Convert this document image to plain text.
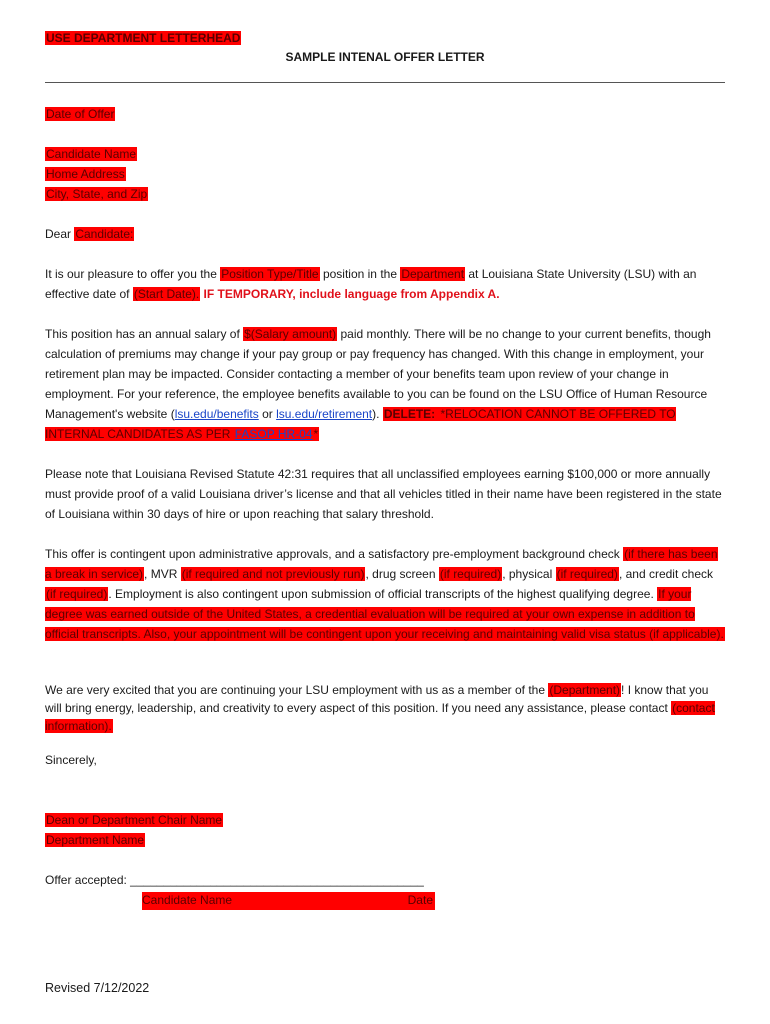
USE DEPARTMENT LETTERHEAD
SAMPLE INTENAL OFFER LETTER
Date of Offer
Candidate Name
Home Address
City, State, and Zip
Dear Candidate:
It is our pleasure to offer you the Position Type/Title position in the Department at Louisiana State University (LSU) with an effective date of (Start Date). IF TEMPORARY, include language from Appendix A.
This position has an annual salary of $(Salary amount) paid monthly. There will be no change to your current benefits, though calculation of premiums may change if your pay group or pay frequency has changed. With this change in employment, your retirement plan may be impacted. Consider contacting a member of your benefits team upon review of your change in employment. For your reference, the employee benefits available to you can be found on the LSU Office of Human Resource Management's website (lsu.edu/benefits or lsu.edu/retirement). DELETE: *RELOCATION CANNOT BE OFFERED TO INTERNAL CANDIDATES AS PER FASOP HR-04*
Please note that Louisiana Revised Statute 42:31 requires that all unclassified employees earning $100,000 or more annually must provide proof of a valid Louisiana driver’s license and that all vehicles titled in their name have been registered in the state of Louisiana within 30 days of hire or upon reaching that salary threshold.
This offer is contingent upon administrative approvals, and a satisfactory pre-employment background check (if there has been a break in service), MVR (if required and not previously run), drug screen (if required), physical (if required), and credit check (if required). Employment is also contingent upon submission of official transcripts of the highest qualifying degree. If your degree was earned outside of the United States, a credential evaluation will be required at your own expense in addition to official transcripts. Also, your appointment will be contingent upon your receiving and maintaining valid visa status (if applicable).
We are very excited that you are continuing your LSU employment with us as a member of the (Department)! I know that you will bring energy, leadership, and creativity to every aspect of this position. If you need any assistance, please contact (contact information).
Sincerely,
Dean or Department Chair Name
Department Name
Offer accepted: ____________________________________________
Candidate Name	Date
Revised 7/12/2022
